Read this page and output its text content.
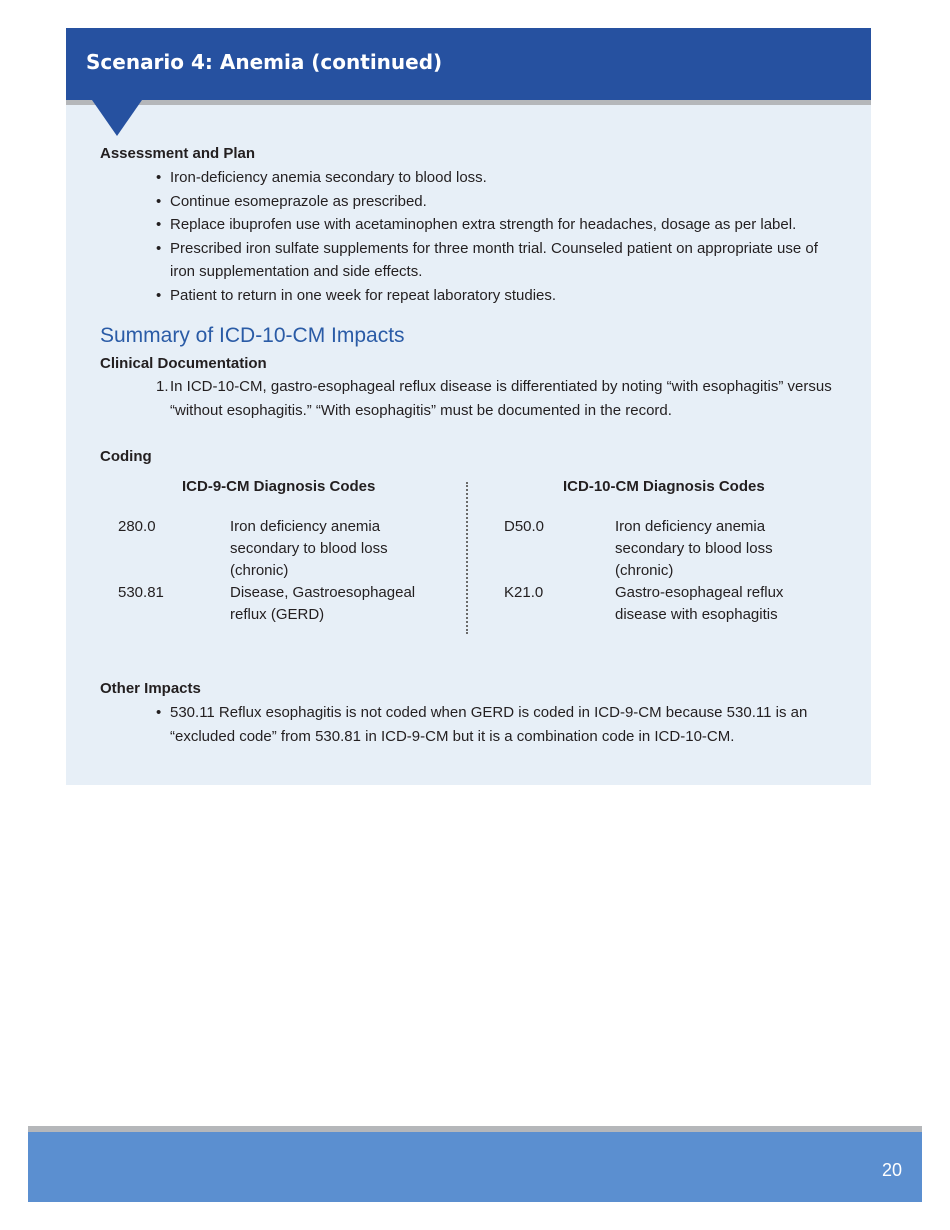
Scenario 4: Anemia (continued)
Assessment and Plan
• Iron-deficiency anemia secondary to blood loss.
• Continue esomeprazole as prescribed.
• Replace ibuprofen use with acetaminophen extra strength for headaches, dosage as per label.
• Prescribed iron sulfate supplements for three month trial. Counseled patient on appropriate use of iron supplementation and side effects.
• Patient to return in one week for repeat laboratory studies.
Summary of ICD-10-CM Impacts
Clinical Documentation
1. In ICD-10-CM, gastro-esophageal reflux disease is differentiated by noting “with esophagitis” versus “without esophagitis.” “With esophagitis” must be documented in the record.
Coding
ICD-9-CM Diagnosis Codes	ICD-10-CM Diagnosis Codes
280.0	Iron deficiency anemia secondary to blood loss (chronic)
530.81	Disease, Gastroesophageal reflux (GERD)
D50.0	Iron deficiency anemia secondary to blood loss (chronic)
K21.0	Gastro-esophageal reflux disease with esophagitis
Other Impacts
• 530.11 Reflux esophagitis is not coded when GERD is coded in ICD-9-CM because 530.11 is an “excluded code” from 530.81 in ICD-9-CM but it is a combination code in ICD-10-CM.
20
